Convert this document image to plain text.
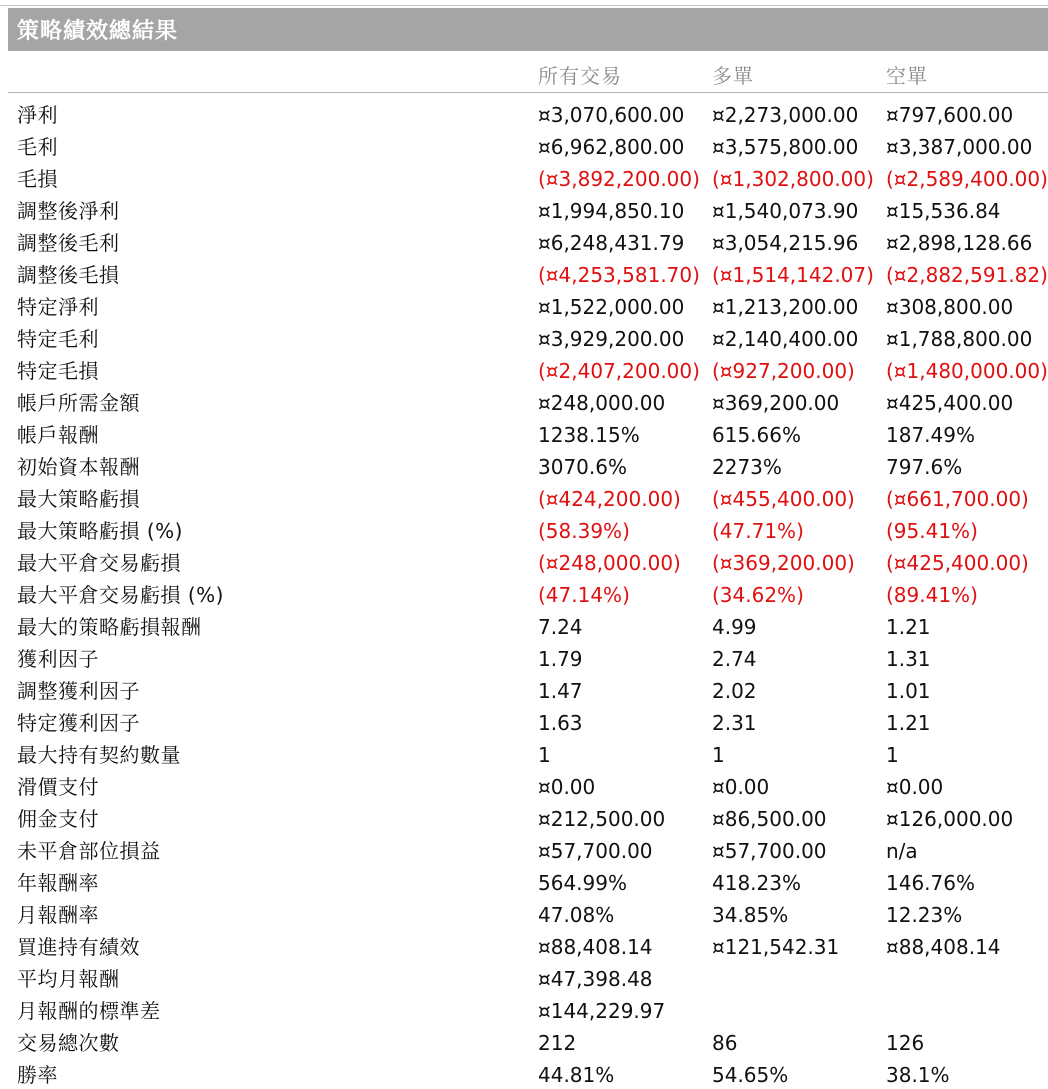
策略績效總結果
所有交易	多單	空單
淨利	¤3,070,600.00 ¤2,273,000.00 ¤797,600.00
毛利	¤6,962,800.00 ¤3,575,800.00 ¤3,387,000.00
毛損	(¤3,892,200.00) (¤1,302,800.00) (¤2,589,400.00)
調整後淨利	¤1,994,850.10 ¤1,540,073.90 ¤15,536.84
調整後毛利	¤6,248,431.79 ¤3,054,215.96 ¤2,898,128.66
調整後毛損	(¤4,253,581.70) (¤1,514,142.07) (¤2,882,591.82)
特定淨利	¤1,522,000.00 ¤1,213,200.00 ¤308,800.00
特定毛利	¤3,929,200.00 ¤2,140,400.00 ¤1,788,800.00
特定毛損	(¤2,407,200.00) (¤927,200.00) (¤1,480,000.00)
帳戶所需金額	¤248,000.00 ¤369,200.00 ¤425,400.00
帳戶報酬	1238.15%	615.66%	187.49%
初始資本報酬	3070.6%	2273%	797.6%
最大策略虧損	(¤424,200.00) (¤455,400.00) (¤661,700.00)
最大策略虧損 (%)	(58.39%)	(47.71%)	(95.41%)
最大平倉交易虧損	(¤248,000.00) (¤369,200.00) (¤425,400.00)
最大平倉交易虧損 (%)	(47.14%)	(34.62%)	(89.41%)
最大的策略虧損報酬	7.24	4.99	1.21
獲利因子	1.79	2.74	1.31
調整獲利因子	1.47	2.02	1.01
特定獲利因子	1.63	2.31	1.21
最大持有契約數量	1	1	1
滑價支付	¤0.00	¤0.00	¤0.00
佣金支付	¤212,500.00 ¤86,500.00	¤126,000.00
未平倉部位損益	¤57,700.00	¤57,700.00	n/a
年報酬率	564.99%	418.23%	146.76%
月報酬率	47.08%	34.85%	12.23%
買進持有績效	¤88,408.14	¤121,542.31 ¤88,408.14
平均月報酬	¤47,398.48
月報酬的標準差	¤144,229.97
交易總次數	212	86	126
勝率	44.81%	54.65%	38.1%
